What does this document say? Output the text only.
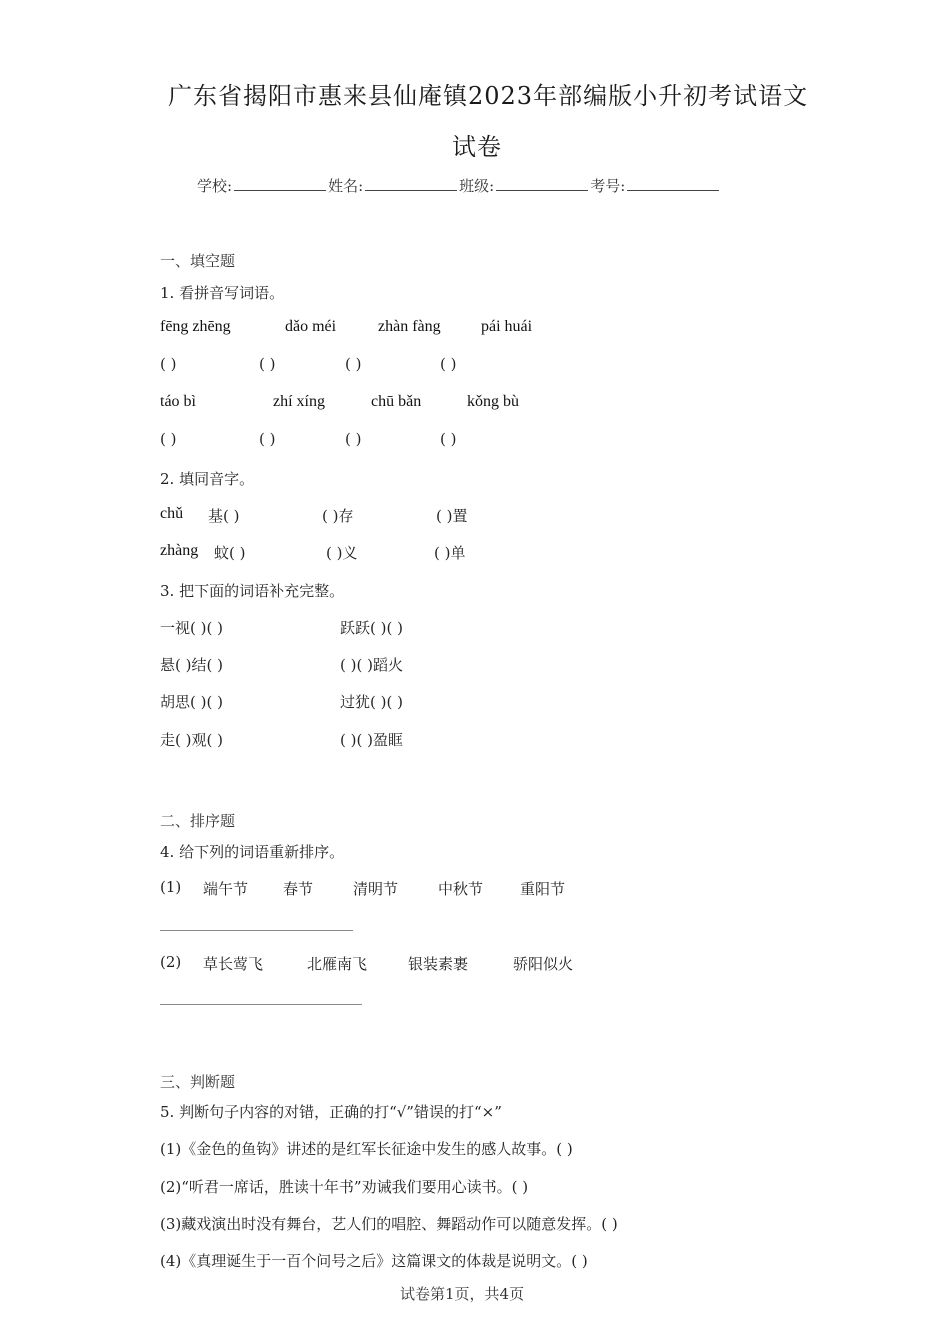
广东省揭阳市惠来县仙庵镇2023年部编版小升初考试语文
试卷
学校:	姓名:	班级:	考号:
一、填空题
1. 看拼音写词语。
fēng zhēng	dǎo méi	zhàn fàng	pái huái
( )	( )	( )	( )
táo bì	zhí xíng	chū bǎn	kǒng bù
( )	( )	( )	( )
2. 填同音字。
chǔ 基( )	( )存	( )置
zhàng 蚊( )	( )义	( )单
3. 把下面的词语补充完整。
一视( )( )	跃跃( )( )
悬( )结( )	( )( )蹈火
胡思( )( )	过犹( )( )
走( )观( )	( )( )盈眶
二、排序题
4. 给下列的词语重新排序。
(1) 端午节 春节	清明节	中秋节 重阳节
(2) 草长莺飞	北雁南飞	银装素裹	骄阳似火
三、判断题
5. 判断句子内容的对错，正确的打“√”错误的打“×”
(1)《金色的鱼钩》讲述的是红军长征途中发生的感人故事。( )
(2)“听君一席话，胜读十年书”劝诫我们要用心读书。( )
(3)藏戏演出时没有舞台，艺人们的唱腔、舞蹈动作可以随意发挥。( )
(4)《真理诞生于一百个问号之后》这篇课文的体裁是说明文。( )
试卷第1页，共4页
